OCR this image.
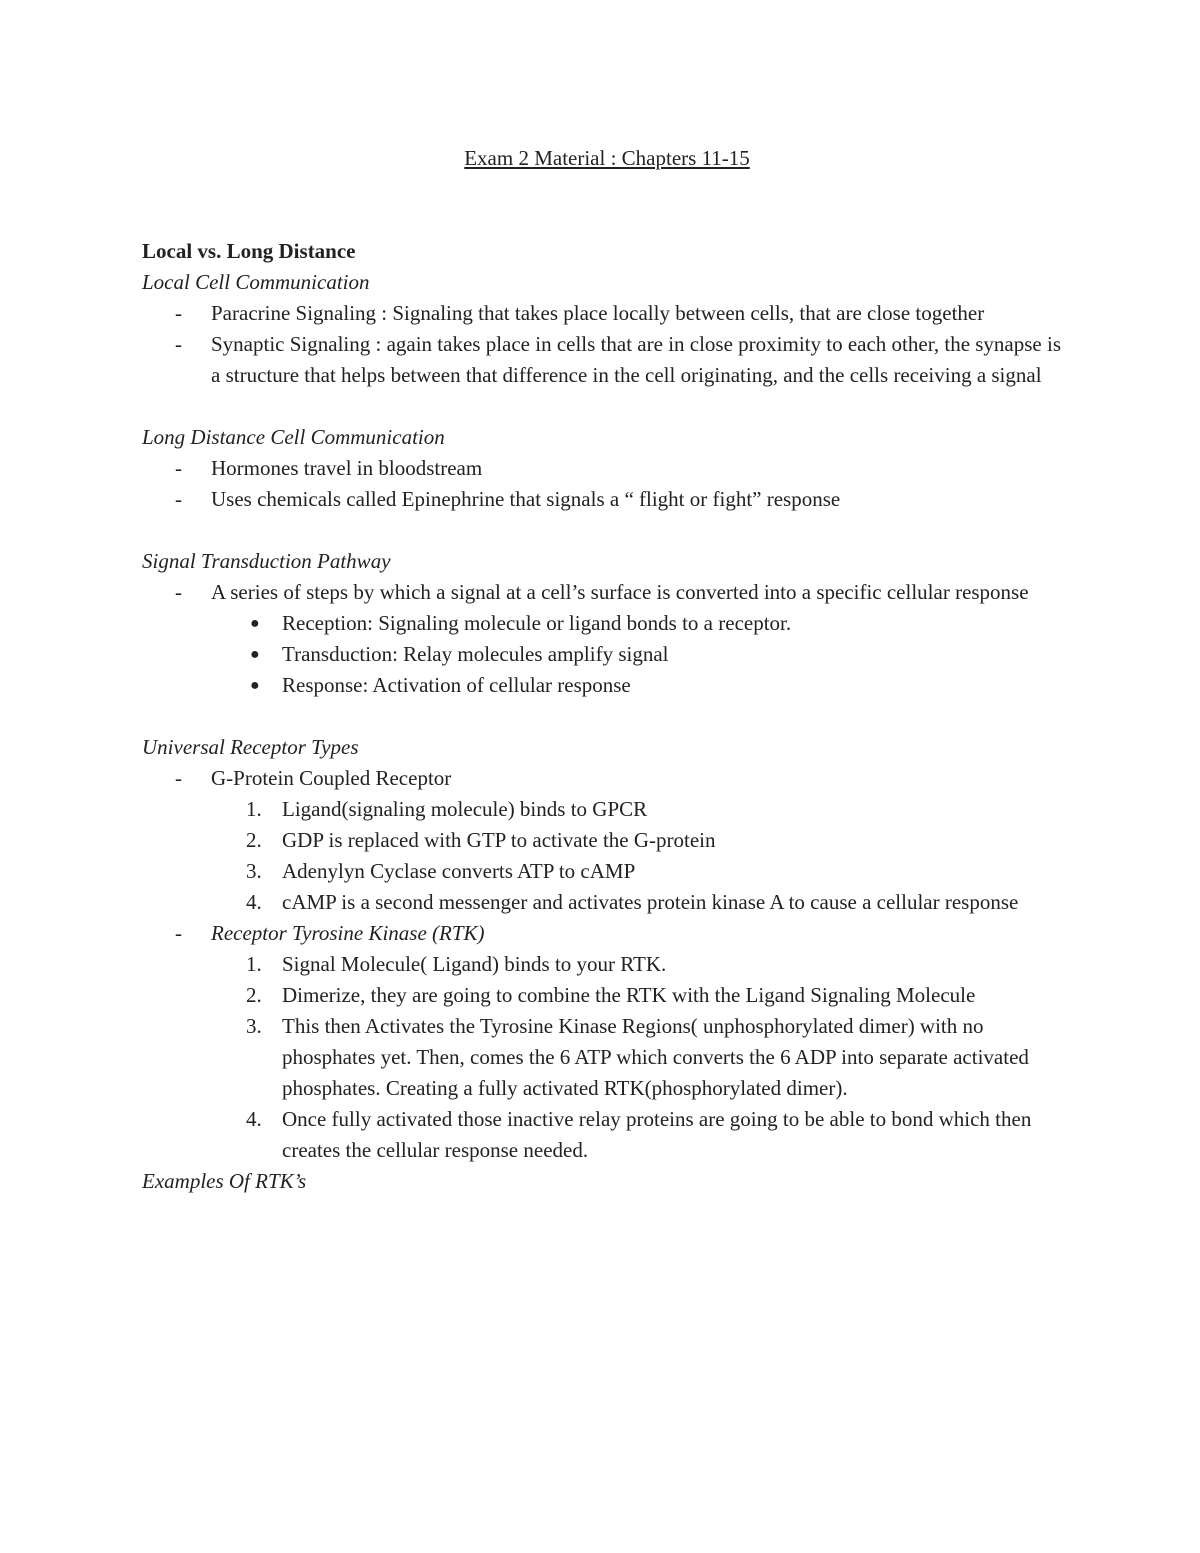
Exam 2 Material : Chapters 11-15

Local vs. Long Distance

Local Cell Communication

- Paracrine Signaling : Signaling that takes place locally between cells, that are close together
- Synaptic Signaling : again takes place in cells that are in close proximity to each other, the synapse is a structure that helps between that difference in the cell originating, and the cells receiving a signal

Long Distance Cell Communication

- Hormones travel in bloodstream
- Uses chemicals called Epinephrine that signals a “ flight or fight” response

Signal Transduction Pathway

- A series of steps by which a signal at a cell’s surface is converted into a specific cellular response
● Reception: Signaling molecule or ligand bonds to a receptor.
● Transduction: Relay molecules amplify signal
● Response: Activation of cellular response

Universal Receptor Types

- G-Protein Coupled Receptor
1. Ligand(signaling molecule) binds to GPCR
2. GDP is replaced with GTP to activate the G-protein
3. Adenylyn Cyclase converts ATP to cAMP
4. cAMP is a second messenger and activates protein kinase A to cause a cellular response
- Receptor Tyrosine Kinase (RTK)
1. Signal Molecule( Ligand) binds to your RTK.
2. Dimerize, they are going to combine the RTK with the Ligand Signaling Molecule
3. This then Activates the Tyrosine Kinase Regions( unphosphorylated dimer) with no phosphates yet. Then, comes the 6 ATP which converts the 6 ADP into separate activated phosphates. Creating a fully activated RTK(phosphorylated dimer).
4. Once fully activated those inactive relay proteins are going to be able to bond which then creates the cellular response needed.

Examples Of RTK’s
